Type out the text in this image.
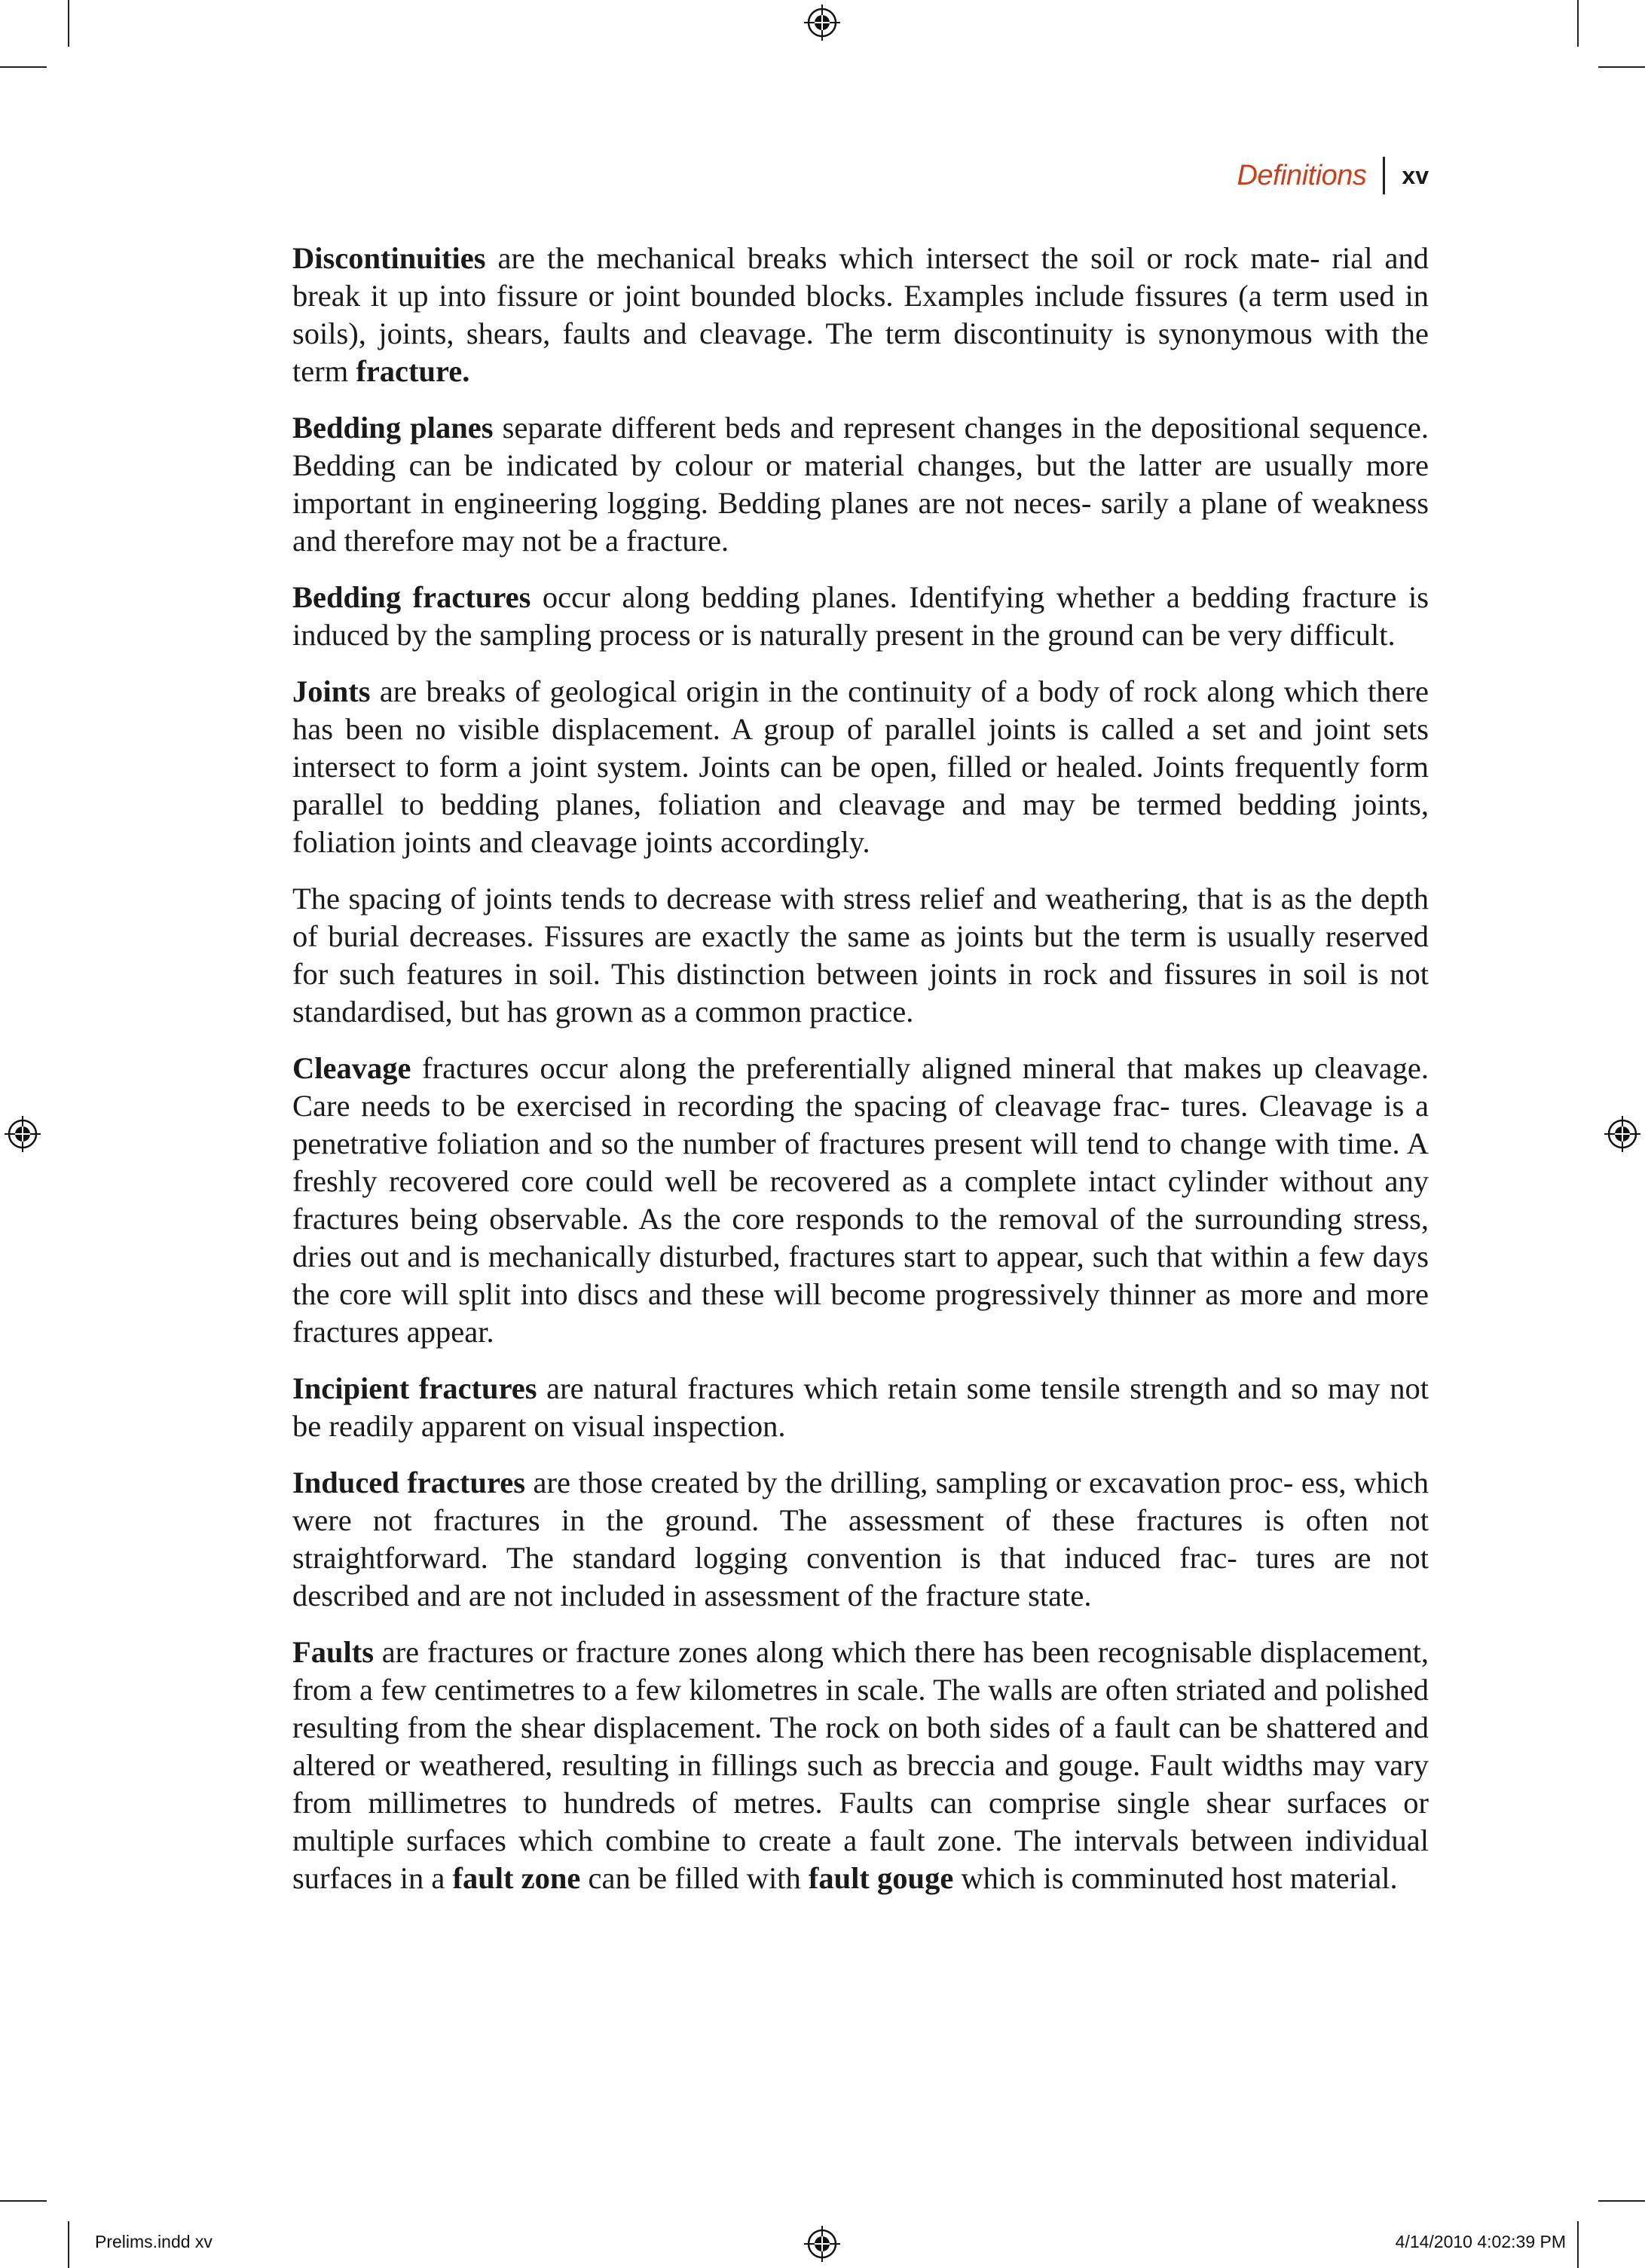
Definitions xv

Discontinuities are the mechanical breaks which intersect the soil or rock mate- rial and break it up into fissure or joint bounded blocks. Examples include fissures (a term used in soils), joints, shears, faults and cleavage. The term discontinuity is synonymous with the term fracture.

Bedding planes separate different beds and represent changes in the depositional sequence. Bedding can be indicated by colour or material changes, but the latter are usually more important in engineering logging. Bedding planes are not neces- sarily a plane of weakness and therefore may not be a fracture.

Bedding fractures occur along bedding planes. Identifying whether a bedding fracture is induced by the sampling process or is naturally present in the ground can be very difficult.

Joints are breaks of geological origin in the continuity of a body of rock along which there has been no visible displacement. A group of parallel joints is called a set and joint sets intersect to form a joint system. Joints can be open, filled or healed. Joints frequently form parallel to bedding planes, foliation and cleavage and may be termed bedding joints, foliation joints and cleavage joints accordingly.

The spacing of joints tends to decrease with stress relief and weathering, that is as the depth of burial decreases. Fissures are exactly the same as joints but the term is usually reserved for such features in soil. This distinction between joints in rock and fissures in soil is not standardised, but has grown as a common practice.

Cleavage fractures occur along the preferentially aligned mineral that makes up cleavage. Care needs to be exercised in recording the spacing of cleavage frac- tures. Cleavage is a penetrative foliation and so the number of fractures present will tend to change with time. A freshly recovered core could well be recovered as a complete intact cylinder without any fractures being observable. As the core responds to the removal of the surrounding stress, dries out and is mechanically disturbed, fractures start to appear, such that within a few days the core will split into discs and these will become progressively thinner as more and more fractures appear.

Incipient fractures are natural fractures which retain some tensile strength and so may not be readily apparent on visual inspection.

Induced fractures are those created by the drilling, sampling or excavation proc- ess, which were not fractures in the ground. The assessment of these fractures is often not straightforward. The standard logging convention is that induced frac- tures are not described and are not included in assessment of the fracture state.

Faults are fractures or fracture zones along which there has been recognisable displacement, from a few centimetres to a few kilometres in scale. The walls are often striated and polished resulting from the shear displacement. The rock on both sides of a fault can be shattered and altered or weathered, resulting in fillings such as breccia and gouge. Fault widths may vary from millimetres to hundreds of metres. Faults can comprise single shear surfaces or multiple surfaces which combine to create a fault zone. The intervals between individual surfaces in a fault zone can be filled with fault gouge which is comminuted host material.

Prelims.indd xv	4/14/2010 4:02:39 PM
